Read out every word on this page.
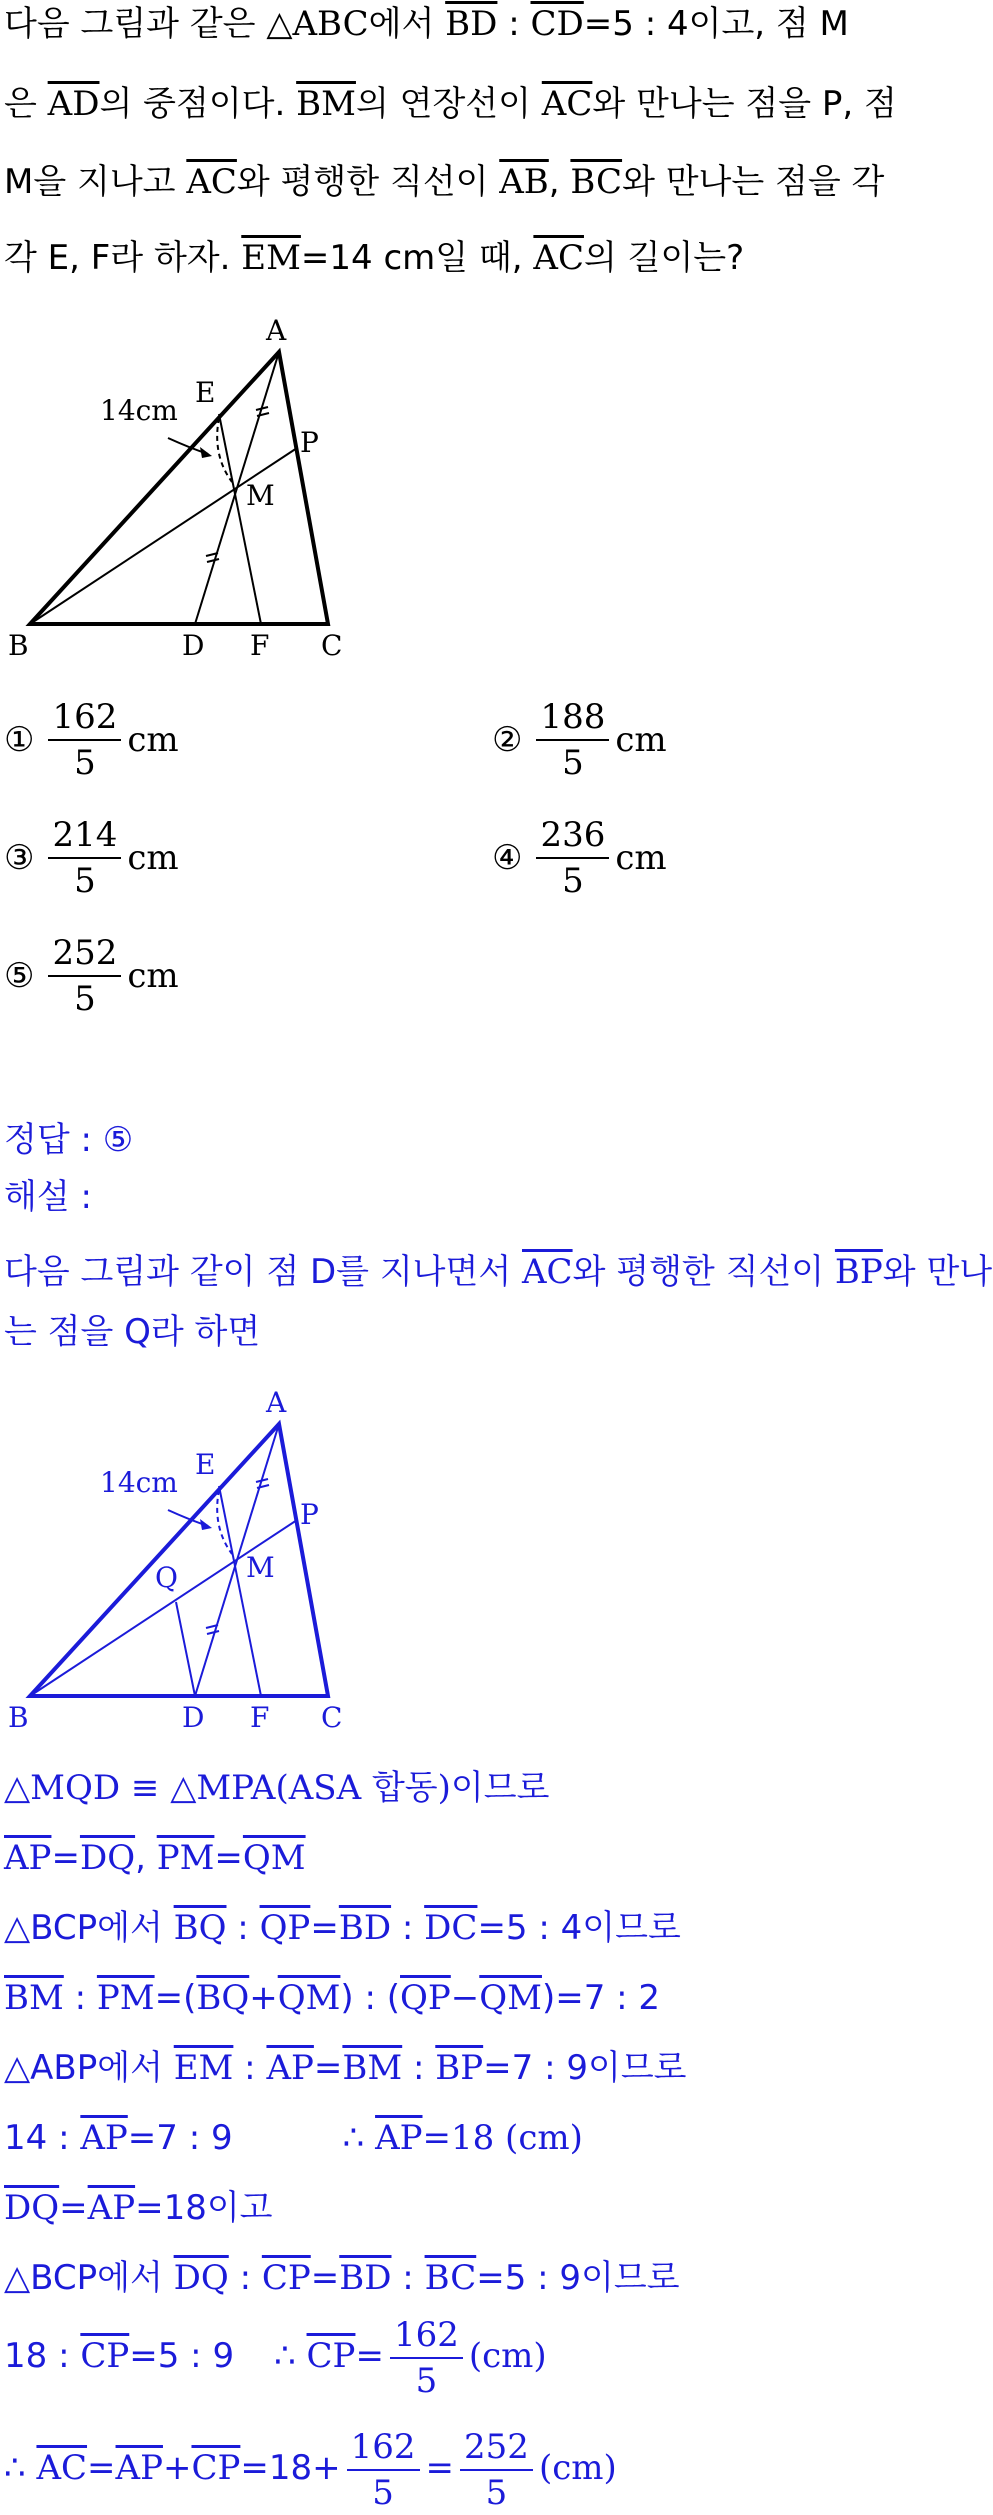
다음 그림과 같은 △ABC에서 $\overline{BD}$ : $\overline{CD}=5$ : 4이고, 점 M
은 $\overline{AD}$의 중점이다. $\overline{BM}$의 연장선이 $\overline{AC}$와 만나는 점을 P, 점
M을 지나고 $\overline{AC}$와 평행한 직선이 $\overline{AB}$, $\overline{BC}$와 만나는 점을 각
각 E, F라 하자. $\overline{EM}=14$ cm일 때, $\overline{AC}$의 길이는?
A
B	C
D
E
F
M
P
14cm
① $\frac{162}{5}$ cm	② $\frac{188}{5}$ cm
③ $\frac{214}{5}$ cm	④ $\frac{236}{5}$ cm
⑤ $\frac{252}{5}$ cm
정답 : ⑤
해설 :
다음 그림과 같이 점 D를 지나면서 $\overline{AC}$와 평행한 직선이 $\overline{BP}$와 만나
는 점을 Q라 하면
A
B	C
D
E
F
M
P
Q
14cm
△MQD ≡ △MPA(ASA 합동)이므로
$\overline{AP}=\overline{DQ}$, $\overline{PM}=\overline{QM}$
△BCP에서 $\overline{BQ}$ : $\overline{QP}=\overline{BD}$ : $\overline{DC}=5$ : 4이므로
$\overline{BM}$ : $\overline{PM}=(\overline{BQ}+\overline{QM})$ : $(\overline{QP}-\overline{QM})=7$ : 2
△ABP에서 $\overline{EM}$ : $\overline{AP}=\overline{BM}$ : $\overline{BP}=7$ : 9이므로
14 : $\overline{AP}=7$ : 9	∴ $\overline{AP}=18$ (cm)
$\overline{DQ}=\overline{AP}=18$이고
△BCP에서 $\overline{DQ}$ : $\overline{CP}=\overline{BD}$ : $\overline{BC}=5$ : 9이므로
18 : $\overline{CP}=5$ : 9 ∴ $\overline{CP}= \frac{162}{5} (cm)$
∴ $\overline{AC}=\overline{AP}+\overline{CP}=18+ \frac{162}{5} = \frac{252}{5} (cm)$
